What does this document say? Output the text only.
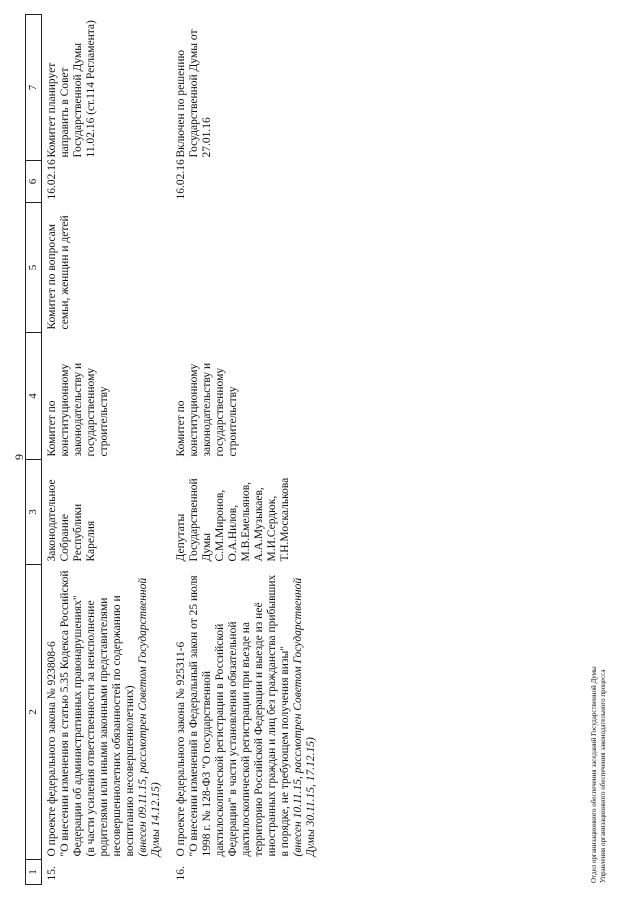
9
1	2	3	4	5	6	7
15.	О проекте федерального закона № 923808-6 "О внесении изменения в статью 5.35 Кодекса Российской Федерации об административных правонарушениях" (в части усиления ответственности за неисполнение родителями или иными законными представителями несовершеннолетних обязанностей по содержанию и воспитанию несовершеннолетних) (внесен 09.11.15, рассмотрен Советом Государственной Думы 14.12.15)	Законодательное Собрание Республики Карелия	Комитет по конституционному законодательству и государственному строительству	Комитет по вопросам семьи, женщин и детей	16.02.16	Комитет планирует направить в Совет Государственной Думы 11.02.16 (ст.114 Регламента)
16.	О проекте федерального закона № 925311-6 "О внесении изменений в Федеральный закон от 25 июля 1998 г. № 128-ФЗ "О государственной дактилоскопической регистрации в Российской Федерации" в части установления обязательной дактилоскопической регистрации при въезде на территорию Российской Федерации и выезде из неё иностранных граждан и лиц без гражданства прибывших в порядке, не требующем получения визы" (внесен 10.11.15, рассмотрен Советом Государственной Думы 30.11.15, 17.12.15)	Депутаты Государственной Думы С.М.Миронов, О.А.Нилов, М.В.Емельянов, А.А.Музыкаев, М.И.Сердюк, Т.Н.Москалькова	Комитет по конституционному законодательству и государственному строительству		16.02.16	Включен по решению Государственной Думы от 27.01.16
Отдел организационного обеспечения заседаний Государственной Думы Управления организационного обеспечения законодательного процесса
